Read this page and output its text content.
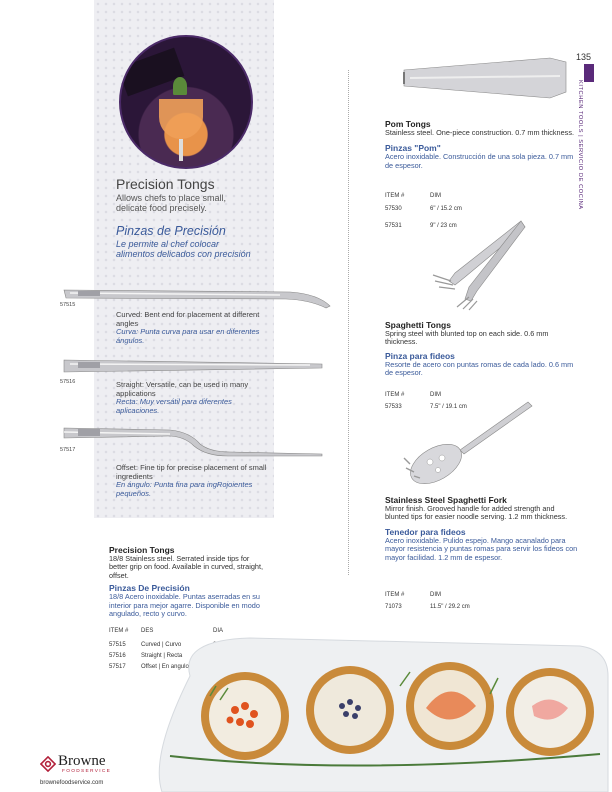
Precision Tongs
Allows chefs to place small, delicate food precisely.
Pinzas de Precisión
Le permite al chef colocar alimentos delicados con precisión
57515
Curved: Bent end for placement at different angles
Curva: Punta curva para usar en diferentes ángulos.
57516	Straight: Versatile, can be used in many applications
Recta: Muy versátil para diferentes aplicaciones.
57517
Offset: Fine tip for precise placement of small ingredients
En ángulo: Punta fina para ingRojoientes pequeños.
Precision Tongs
18/8 Stainless steel. Serrated inside tips for better grip on food. Available in curved, straight, offset.
Pinzas De Precisión
18/8 Acero inoxidable. Puntas aserradas en su interior para mejor agarre. Disponible en modo angulado, recto y curvo.
ITEM #	DES	DIA
57515	Curved | Curvo
57516	Straight | Recta
57517	Offset | En angulo
Pom Tongs
Stainless steel. One-piece construction. 0.7 mm thickness.
Pinzas "Pom"
Acero inoxidable. Construcción de una sola pieza. 0.7 mm de espesor.
ITEM #	DIM
57530	6" / 15.2 cm
57531	9" / 23 cm
Spaghetti Tongs
Spring steel with blunted top on each side. 0.6 mm thickness.
Pinza para fideos
Resorte de acero con puntas romas de cada lado. 0.6 mm de espesor.
ITEM #	DIM
57533	7.5" / 19.1 cm
Stainless Steel Spaghetti Fork
Mirror finish. Grooved handle for added strength and blunted tips for easier noodle serving. 1.2 mm thickness.
Tenedor para fideos
Acero inoxidable. Pulido espejo. Mango acanalado para mayor resistencia y puntas romas para servir los fideos con mayor facilidad. 1.2 mm de espesor.
ITEM #	DIM
71073	11.5" / 29.2 cm
135
KITCHEN TOOLS | SERVICIO DE COCINA
Browne
FOODSERVICE
brownefoodservice.com
